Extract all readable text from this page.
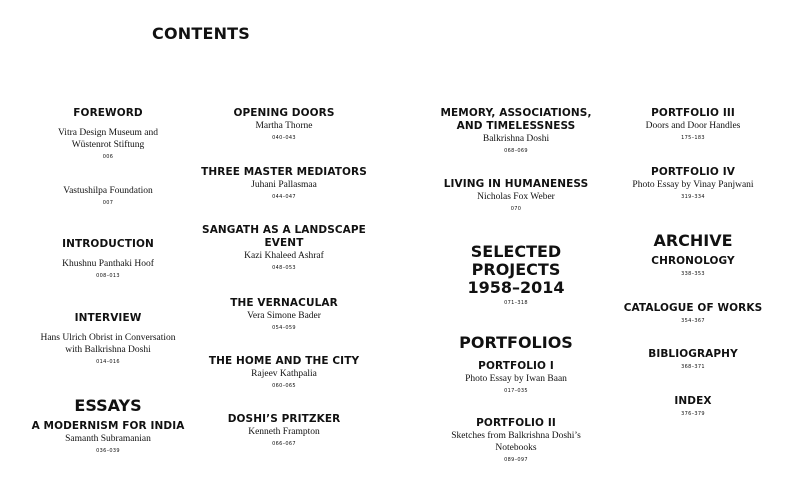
CONTENTS
FOREWORD
Vitra Design Museum and
Wüstenrot Stiftung
006
Vastushilpa Foundation
007
INTRODUCTION
Khushnu Panthaki Hoof
008–013
INTERVIEW
Hans Ulrich Obrist in Conversation
with Balkrishna Doshi
014–016
ESSAYS
A MODERNISM FOR INDIA
Samanth Subramanian
036–039
OPENING DOORS
Martha Thorne
040–043
THREE MASTER MEDIATORS
Juhani Pallasmaa
044–047
SANGATH AS A LANDSCAPE
EVENT
Kazi Khaleed Ashraf
048–053
THE VERNACULAR
Vera Simone Bader
054–059
THE HOME AND THE CITY
Rajeev Kathpalia
060–065
DOSHI’S PRITZKER
Kenneth Frampton
066–067
MEMORY, ASSOCIATIONS,
AND TIMELESSNESS
Balkrishna Doshi
068–069
LIVING IN HUMANENESS
Nicholas Fox Weber
070
SELECTED
PROJECTS
1958–2014
071–318
PORTFOLIOS
PORTFOLIO I
Photo Essay by Iwan Baan
017–035
PORTFOLIO II
Sketches from Balkrishna Doshi’s
Notebooks
089–097
PORTFOLIO III
Doors and Door Handles
175–183
PORTFOLIO IV
Photo Essay by Vinay Panjwani
319–334
ARCHIVE
CHRONOLOGY
338–353
CATALOGUE OF WORKS
354–367
BIBLIOGRAPHY
368–371
INDEX
376–379
